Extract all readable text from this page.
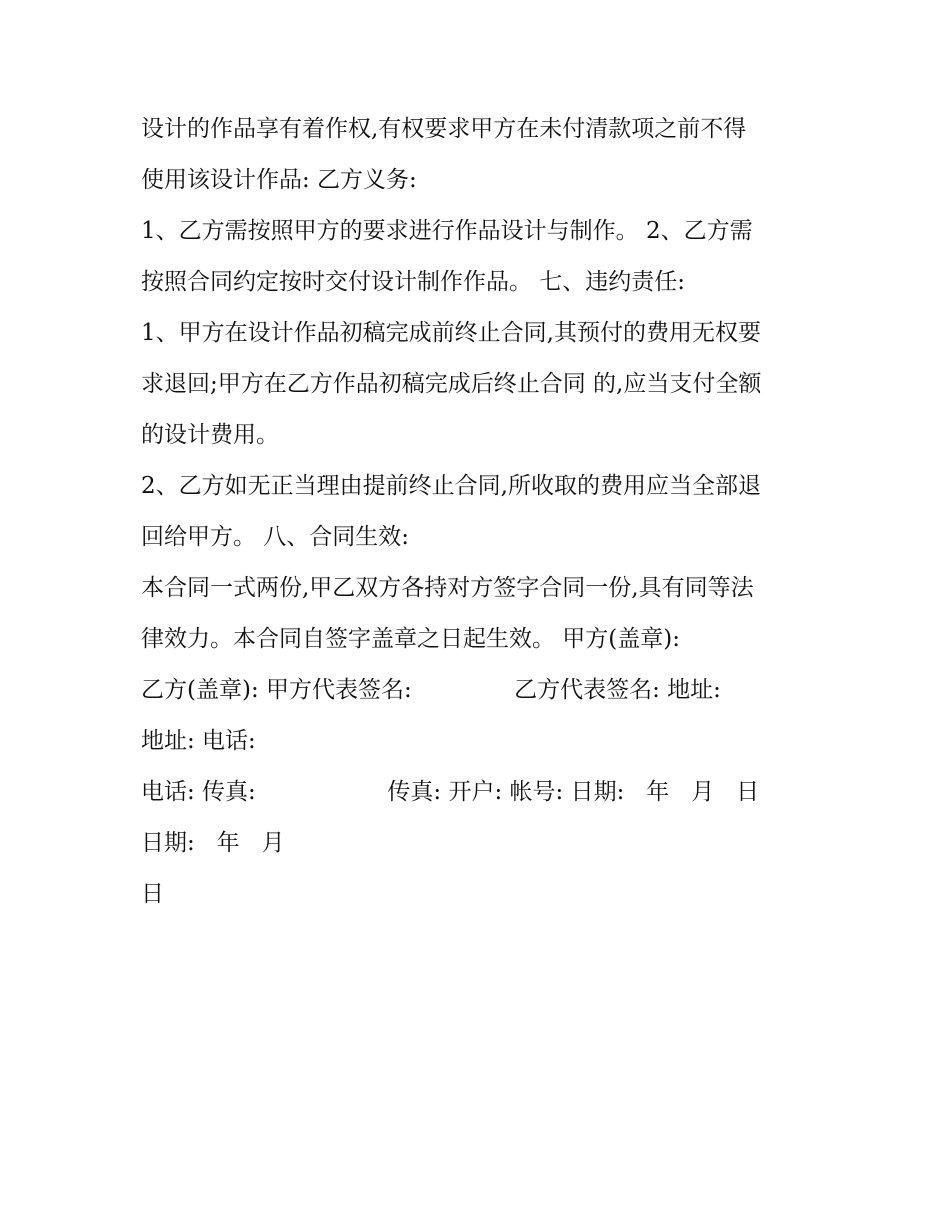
设计的作品享有着作权,有权要求甲方在未付清款项之前不得
使用该设计作品: 乙方义务:
1、乙方需按照甲方的要求进行作品设计与制作。 2、乙方需
按照合同约定按时交付设计制作作品。 七、违约责任:
1、甲方在设计作品初稿完成前终止合同,其预付的费用无权要
求退回;甲方在乙方作品初稿完成后终止合同 的,应当支付全额
的设计费用。
2、乙方如无正当理由提前终止合同,所收取的费用应当全部退
回给甲方。 八、合同生效:
本合同一式两份,甲乙双方各持对方签字合同一份,具有同等法
律效力。本合同自签字盖章之日起生效。 甲方(盖章):
乙方(盖章): 甲方代表签名:              乙方代表签名: 地址:
地址: 电话:
电话: 传真:                  传真: 开户: 帐号: 日期:   年   月   日
日期:   年   月
日
